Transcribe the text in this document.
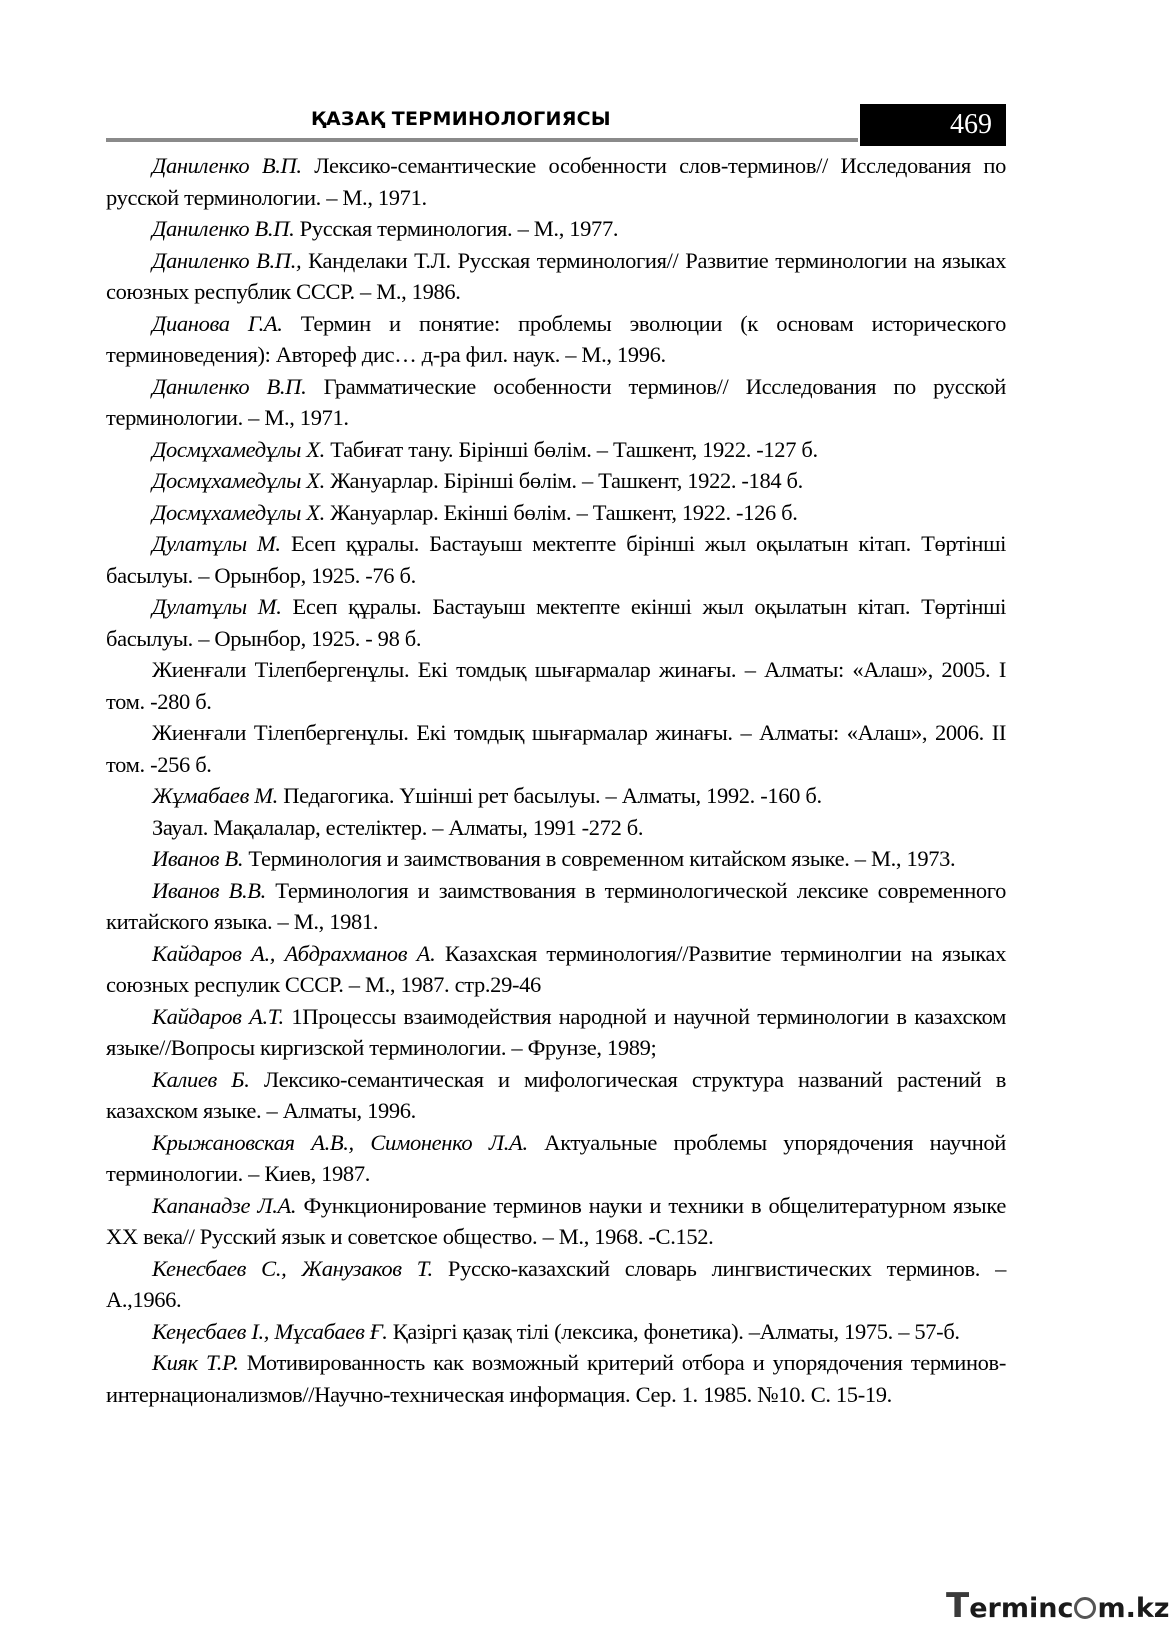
ҚАЗАҚ ТЕРМИНОЛОГИЯСЫ	469

Даниленко В.П. Лексико-семантические особенности слов-терминов// Исследования по русской терминологии. – М., 1971.

Даниленко В.П. Русская терминология. – М., 1977.

Даниленко В.П., Канделаки Т.Л. Русская терминология// Развитие терминологии на языках союзных республик СССР. – М., 1986.

Дианова Г.А. Термин и понятие: проблемы эволюции (к основам исторического терминоведения): Автореф дис… д-ра фил. наук. – М., 1996.

Даниленко В.П. Грамматические особенности терминов// Исследования по русской терминологии. – М., 1971.

Досмұхамедұлы Х. Табиғат тану. Бірінші бөлім. – Ташкент, 1922. -127 б.

Досмұхамедұлы Х. Жануарлар. Бірінші бөлім. – Ташкент, 1922. -184 б.

Досмұхамедұлы Х. Жануарлар. Екінші бөлім. – Ташкент, 1922. -126 б.

Дулатұлы М. Есеп құралы. Бастауыш мектепте бірінші жыл оқылатын кітап. Төртінші басылуы. – Орынбор, 1925. -76 б.

Дулатұлы М. Есеп құралы. Бастауыш мектепте екінші жыл оқылатын кітап. Төртінші басылуы. – Орынбор, 1925. - 98 б.

Жиенғали Тілепбергенұлы. Екі томдық шығармалар жинағы. – Алматы: «Алаш», 2005. I том. -280 б.

Жиенғали Тілепбергенұлы. Екі томдық шығармалар жинағы. – Алматы: «Алаш», 2006. II том. -256 б.

Жұмабаев М. Педагогика. Үшінші рет басылуы. – Алматы, 1992. -160 б.

Зауал. Мақалалар, естеліктер. – Алматы, 1991 -272 б.

Иванов В. Терминология и заимствования в современном китайском языке. – М., 1973.

Иванов В.В. Терминология и заимствования в терминологической лексике современного китайского языка. – М., 1981.

Кайдаров А., Абдрахманов А. Казахская терминология//Развитие терминолгии на языках союзных респулик СССР. – М., 1987. стр.29-46

Кайдаров А.Т. 1Процессы взаимодействия народной и научной терминологии в казахском языке//Вопросы киргизской терминологии. – Фрунзе, 1989;

Калиев Б. Лексико-семантическая и мифологическая структура названий растений в казахском языке. – Алматы, 1996.

Крыжановская А.В., Симоненко Л.А. Актуальные проблемы упорядочения научной терминологии. – Киев, 1987.

Капанадзе Л.А. Функционирование терминов науки и техники в общелитературном языке XX века// Русский язык и советское общество. – М., 1968. -С.152.

Кенесбаев С., Жанузаков Т. Русско-казахский словарь лингвистических терминов. – А.,1966.

Кеңесбаев І., Мұсабаев Ғ. Қазіргі қазақ тілі (лексика, фонетика). –Алматы, 1975. – 57-б.

Кияк Т.Р. Мотивированность как возможный критерий отбора и упорядочения терминов-интернационализмов//Научно-техническая информация. Сер. 1. 1985. №10. С. 15-19.

Terminc m.kz
